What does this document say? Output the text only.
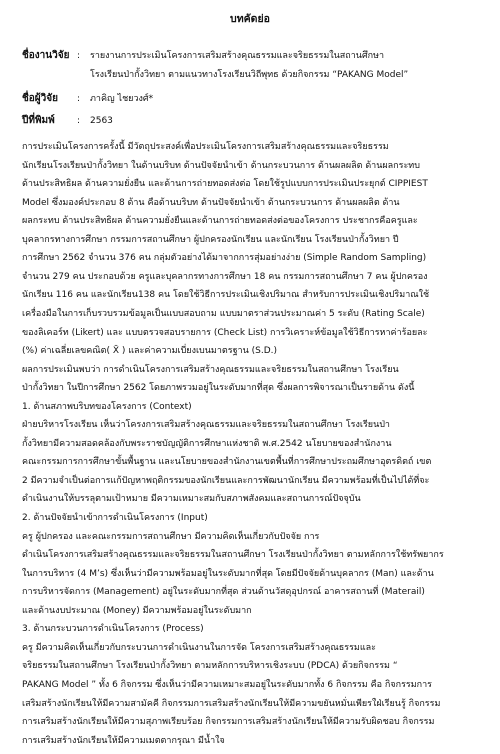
บทคัดย่อ
ชื่องานวิจัย : รายงานการประเมินโครงการเสริมสร้างคุณธรรมและจริยธรรมในสถานศึกษา
โรงเรียนป่ากั้งวิทยา ตามแนวทางโรงเรียนวิถีพุทธ ด้วยกิจกรรม “PAKANG Model”
ชื่อผู้วิจัย : ภาคิญ ไชยวงศ์*
ปีที่พิมพ์ : 2563
การประเมินโครงการครั้งนี้ มีวัตถุประสงค์เพื่อประเมินโครงการเสริมสร้างคุณธรรมและจริยธรรม
นักเรียนโรงเรียนป่ากั้งวิทยา ในด้านบริบท ด้านปัจจัยนำเข้า ด้านกระบวนการ ด้านผลผลิต ด้านผลกระทบ
ด้านประสิทธิผล ด้านความยั่งยืน และด้านการถ่ายทอดส่งต่อ โดยใช้รูปแบบการประเมินประยุกต์ CIPPIEST
Model ซึ่งมองค์ประกอบ 8 ด้าน คือด้านบริบท ด้านปัจจัยนำเข้า ด้านกระบวนการ ด้านผลผลิต ด้าน
ผลกระทบ ด้านประสิทธิผล ด้านความยั่งยืนและด้านการถ่ายทอดส่งต่อของโครงการ ประชากรคือครูและ
บุคลากรทางการศึกษา กรรมการสถานศึกษา ผู้ปกครองนักเรียน และนักเรียน โรงเรียนป่ากั้งวิทยา ปี
การศึกษา 2562 จำนวน 376 คน กลุ่มตัวอย่างได้มาจากการสุ่มอย่างง่าย (Simple Random Sampling)
จำนวน 279 คน ประกอบด้วย ครูและบุคลากรทางการศึกษา 18 คน กรรมการสถานศึกษา 7 คน ผู้ปกครอง
นักเรียน 116 คน และนักเรียน138 คน โดยใช้วิธีการประเมินเชิงปริมาณ สำหรับการประเมินเชิงปริมาณใช้
เครื่องมือในการเก็บรวบรวมข้อมูลเป็นแบบสอบถาม แบบมาตราส่วนประมาณค่า 5 ระดับ (Rating Scale)
ของลิเคอร์ท (Likert) และ แบบตรวจสอบรายการ (Check List) การวิเคราะห์ข้อมูลใช้วิธีการหาค่าร้อยละ
(%) ค่าเฉลี่ยเลขคณิต( X̄ ) และค่าความเบี่ยงเบนมาตรฐาน (S.D.)
ผลการประเมินพบว่า การดำเนินโครงการเสริมสร้างคุณธรรมและจริยธรรมในสถานศึกษา โรงเรียน
ป่ากั้งวิทยา ในปีการศึกษา 2562 โดยภาพรวมอยู่ในระดับมากที่สุด ซึ่งผลการพิจารณาเป็นรายด้าน ดังนี้
1. ด้านสภาพบริบทของโครงการ (Context)
ฝ่ายบริหารโรงเรียน เห็นว่าโครงการเสริมสร้างคุณธรรมและจริยธรรมในสถานศึกษา โรงเรียนป่า
กั้งวิทยามีความสอดคล้องกับพระราชบัญญัติการศึกษาแห่งชาติ พ.ศ.2542 นโยบายของสำนักงาน
คณะกรรมการการศึกษาขั้นพื้นฐาน และนโยบายของสำนักงานเขตพื้นที่การศึกษาประถมศึกษาอุตรดิตถ์ เขต
2 มีความจำเป็นต่อการแก้ปัญหาพฤติกรรมของนักเรียนและการพัฒนานักเรียน มีความพร้อมที่เป็นไปได้ที่จะ
ดำเนินงานให้บรรลุตามเป้าหมาย มีความเหมาะสมกับสภาพสังคมและสถานการณ์ปัจจุบัน
2. ด้านปัจจัยนำเข้าการดำเนินโครงการ (Input)
ครู ผู้ปกครอง และคณะกรรมการสถานศึกษา มีความคิดเห็นเกี่ยวกับปัจจัย การ
ดำเนินโครงการเสริมสร้างคุณธรรมและจริยธรรมในสถานศึกษา โรงเรียนป่ากั้งวิทยา ตามหลักการใช้ทรัพยากร
ในการบริหาร (4 M’s) ซึ่งเห็นว่ามีความพร้อมอยู่ในระดับมากที่สุด โดยมีปัจจัยด้านบุคลากร (Man) และด้าน
การบริหารจัดการ (Management) อยู่ในระดับมากที่สุด ส่วนด้านวัสดุอุปกรณ์ อาคารสถานที่ (Materail)
และด้านงบประมาณ (Money) มีความพร้อมอยู่ในระดับมาก
3. ด้านกระบวนการดำเนินโครงการ (Process)
ครู มีความคิดเห็นเกี่ยวกับกระบวนการดำเนินงานในการจัด โครงการเสริมสร้างคุณธรรมและ
จริยธรรมในสถานศึกษา โรงเรียนป่ากั้งวิทยา ตามหลักการบริหารเชิงระบบ (PDCA) ด้วยกิจกรรม “
PAKANG Model ” ทั้ง 6 กิจกรรม ซึ่งเห็นว่ามีความเหมาะสมอยู่ในระดับมากทั้ง 6 กิจกรรม คือ กิจกรรมการ
เสริมสร้างนักเรียนให้มีความสามัคคี กิจกรรมการเสริมสร้างนักเรียนให้มีความขยันหมั่นเพียรใฝ่เรียนรู้ กิจกรรม
การเสริมสร้างนักเรียนให้มีความสุภาพเรียบร้อย กิจกรรมการเสริมสร้างนักเรียนให้มีความรับผิดชอบ กิจกรรม
การเสริมสร้างนักเรียนให้มีความเมตตากรุณา มีน้ำใจ
